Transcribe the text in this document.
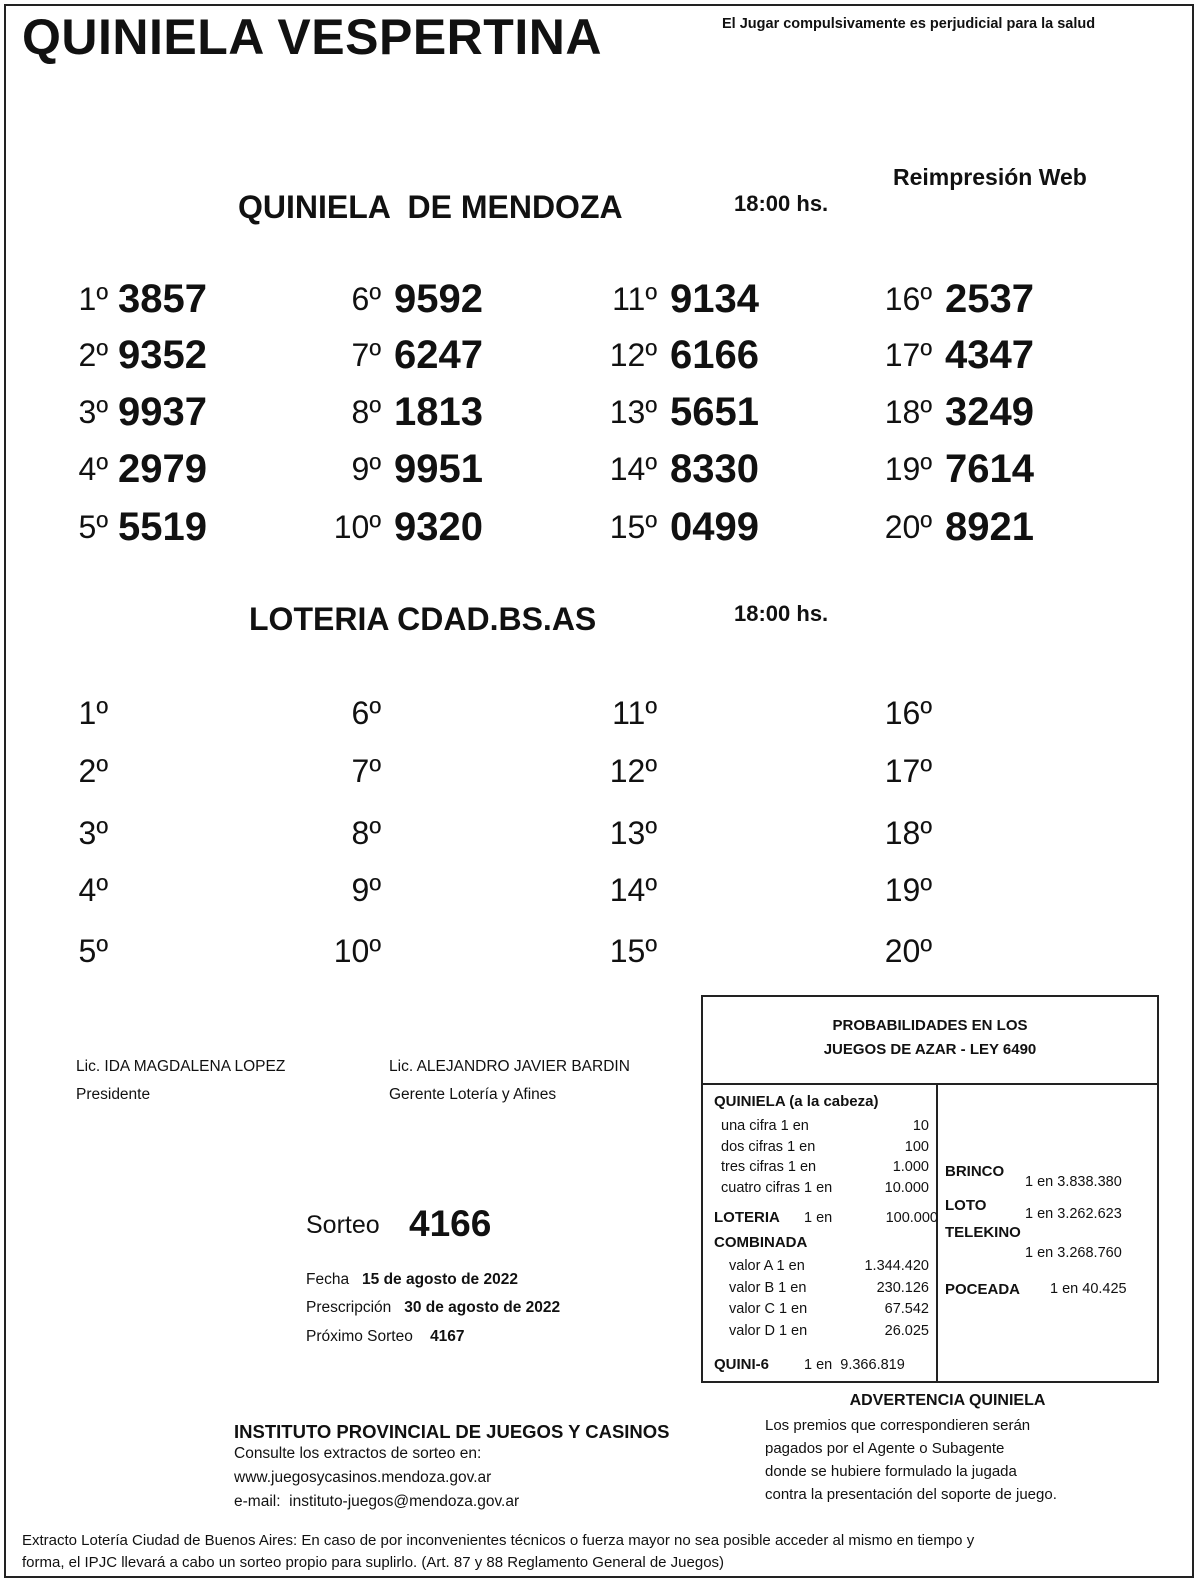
QUINIELA VESPERTINA	El Jugar compulsivamente es perjudicial para la salud
Reimpresión Web
QUINIELA  DE MENDOZA	18:00 hs.
1º 3857
2º 9352
3º 9937
4º 2979
5º 5519
6º 9592
7º 6247
8º 1813
9º 9951
10º 9320
11º 9134
12º 6166
13º 5651
14º 8330
15º 0499
16º 2537
17º 4347
18º 3249
19º 7614
20º 8921
LOTERIA CDAD.BS.AS	18:00 hs.
1º
2º
3º
4º
5º
6º
7º
8º
9º
10º
11º
12º
13º
14º
15º
16º
17º
18º
19º
20º
Lic. IDA MAGDALENA LOPEZ
Presidente
Lic. ALEJANDRO JAVIER BARDIN
Gerente Lotería y Afines
Sorteo 4166
Fecha 15 de agosto de 2022
Prescripción 30 de agosto de 2022
Próximo Sorteo 4167
PROBABILIDADES EN LOS
JUEGOS DE AZAR - LEY 6490
QUINIELA (a la cabeza)
una cifra 1 en	10
dos cifras 1 en	100
tres cifras 1 en	1.000
cuatro cifras 1 en	10.000
LOTERIA 1 en	100.000
COMBINADA
valor A 1 en	1.344.420
valor B 1 en	230.126
valor C 1 en	67.542
valor D 1 en	26.025
QUINI-6 1 en  9.366.819
BRINCO
1 en 3.838.380
LOTO	1 en 3.262.623
TELEKINO
1 en 3.268.760
POCEADA 1 en 40.425
ADVERTENCIA QUINIELA
Los premios que correspondieren serán
pagados por el Agente o Subagente
donde se hubiere formulado la jugada
contra la presentación del soporte de juego.
INSTITUTO PROVINCIAL DE JUEGOS Y CASINOS
Consulte los extractos de sorteo en:
www.juegosycasinos.mendoza.gov.ar
e-mail: instituto-juegos@mendoza.gov.ar
Extracto Lotería Ciudad de Buenos Aires: En caso de por inconvenientes técnicos o fuerza mayor no sea posible acceder al mismo en tiempo y
forma, el IPJC llevará a cabo un sorteo propio para suplirlo. (Art. 87 y 88 Reglamento General de Juegos)
